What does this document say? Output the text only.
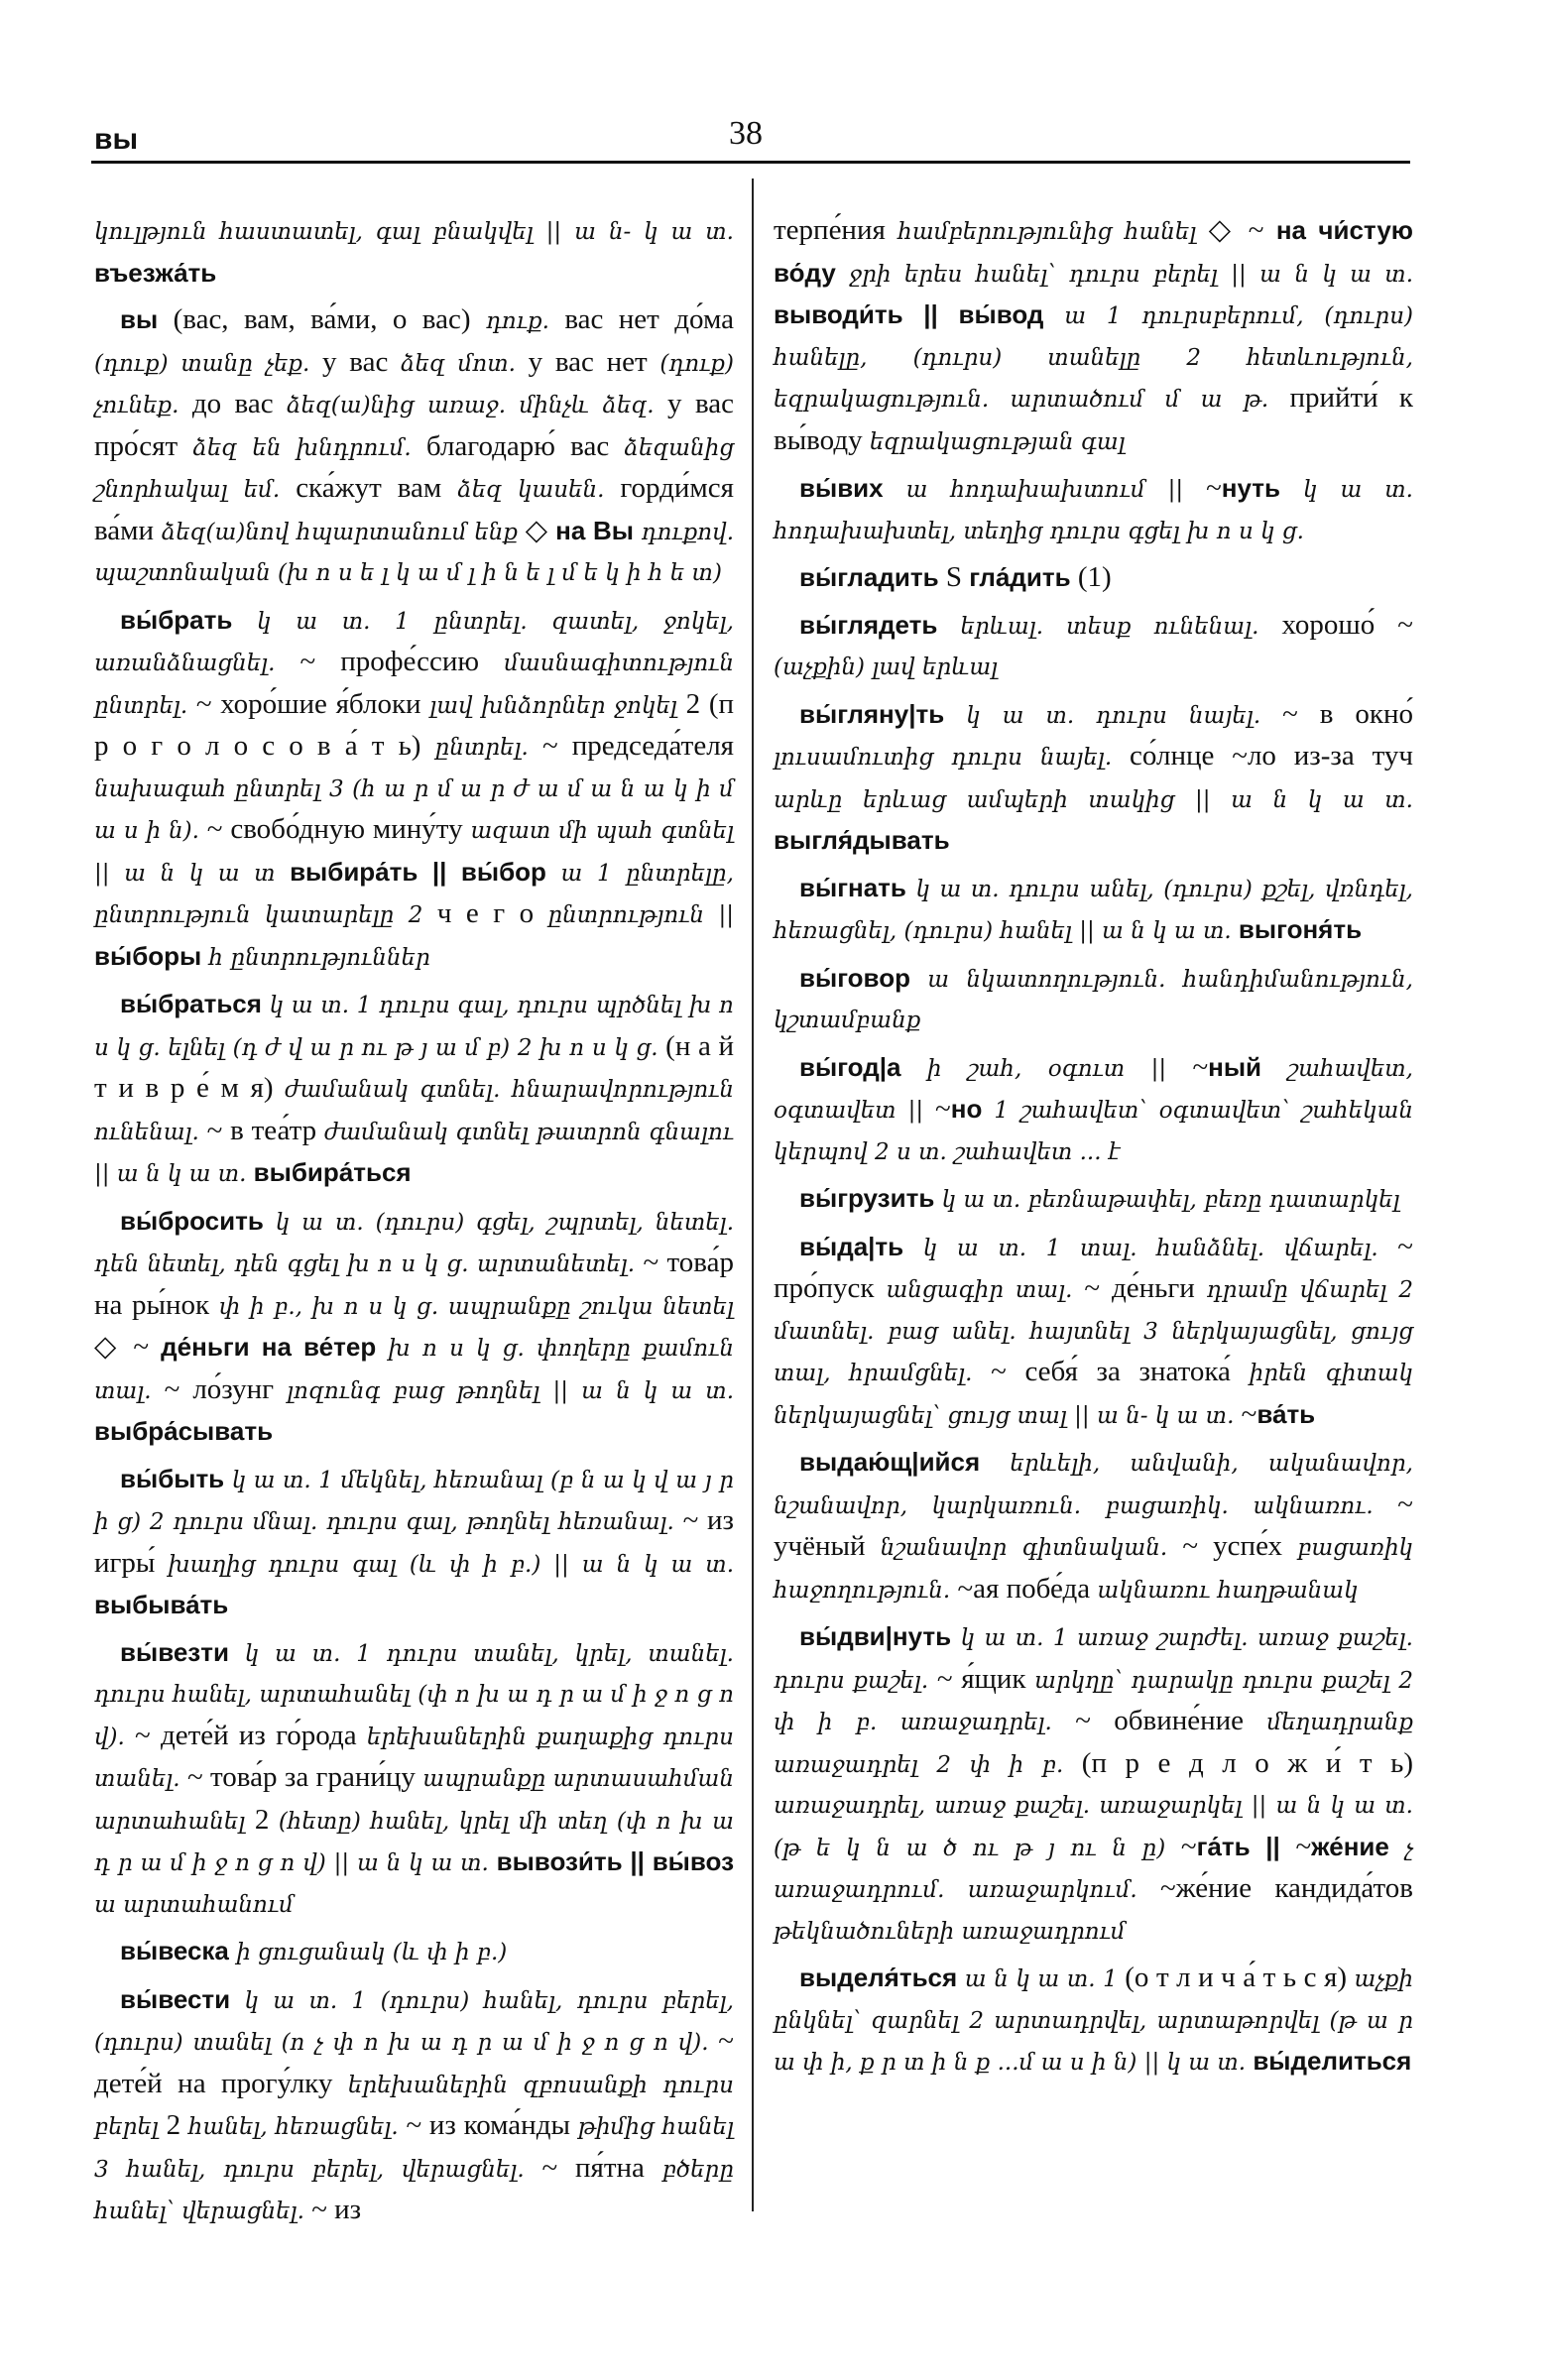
вы	38

կուլթյուն հաստատել, գալ բնակվել || ա ն- կ ա տ. въезжа́ть

вы (вас, вам, ва́ми, о вас) դուք. вас нет до́ма (դուք) տանը չեք. у вас ձեզ մոտ. у вас нет (դուք) չունեք. до вас ձեզ(ա)նից առաջ. մինչև ձեզ. у вас про́сят ձեզ են խնդրում. благодарю́ вас ձեզանից շնորհակալ եմ. ска́жут вам ձեզ կասեն. горди́мся ва́ми ձեզ(ա)նով հպարտանում ենք ◇ на Вы դուքով. պաշտոնական (խ ո ս ե լ կ ա մ լ ի ն ե լ մ ե կ ի հ ե տ)

вы́брать կ ա տ. 1 ընտրել. զատել, ջոկել, առանձնացնել. ~ профе́ссию մասնագիտություն ընտրել. ~ хоро́шие я́блоки լավ խնձորներ ջոկել 2 (п р о г о л о с о в а́ т ь) ընտրել. ~ председа́теля նախագահ ընտրել 3 (հ ա ր մ ա ր ժ ա մ ա ն ա կ ի մ ա ս ի ն). ~ свобо́дную мину́ту ազատ մի պահ գտնել || ա ն կ ա տ выбира́ть || вы́бор ա 1 ընտրելը, ընտրություն կատարելը 2 ч е г о ընտրություն || вы́боры հ ընտրություններ

вы́браться կ ա տ. 1 դուրս գալ, դուրս պրծնել խ ո ս կ ց. ելնել (դ ժ վ ա ր ու թ յ ա մ բ) 2 խ ո ս կ ց. (н а й т и в р е́ м я) ժամանակ գտնել. հնարավորություն ունենալ. ~ в теа́тр ժամանակ գտնել թատրոն գնալու || ա ն կ ա տ. выбира́ться

вы́бросить կ ա տ. (դուրս) գցել, շպրտել, նետել. դեն նետել, դեն գցել խ ո ս կ ց. արտանետել. ~ това́р на ры́нок փ ի բ., խ ո ս կ ց. ապրանքը շուկա նետել ◇ ~ де́ньги на ве́тер խ ո ս կ ց. փողերը քամուն տալ. ~ ло́зунг լոզունգ բաց թողնել || ա ն կ ա տ. выбра́сывать

вы́быть կ ա տ. 1 մեկնել, հեռանալ (բ ն ա կ վ ա յ ր ի ց) 2 դուրս մնալ. դուրս գալ, թողնել հեռանալ. ~ из игры́ խաղից դուրս գալ (և փ ի բ.) || ա ն կ ա տ. выбыва́ть

вы́везти կ ա տ. 1 դուրս տանել, կրել, տանել. դուրս հանել, արտահանել (փ ո խ ա դ ր ա մ ի ջ ո ց ո վ). ~ дете́й из го́рода երեխաներին քաղաքից դուրս տանել. ~ това́р за грани́цу ապրանքը արտասահման արտահանել 2 (հետը) հանել, կրել մի տեղ (փ ո խ ա դ ր ա մ ի ջ ո ց ո վ) || ա ն կ ա տ. вывози́ть || вы́воз ա արտահանում

вы́веска ի ցուցանակ (և փ ի բ.)

вы́вести կ ա տ. 1 (դուրս) հանել, դուրս բերել, (դուրս) տանել (ո չ փ ո խ ա դ ր ա մ ի ջ ո ց ո վ). ~ дете́й на прогу́лку երեխաներին զբոսանքի դուրս բերել 2 հանել, հեռացնել. ~ из кома́нды թիմից հանել 3 հանել, դուրս բերել, վերացնել. ~ пя́тна բծերը հանել՝ վերացնել. ~ из

терпе́ния համբերությունից հանել ◇ ~ на чи́стую во́ду ջրի երես հանել՝ դուրս բերել || ա ն կ ա տ. выводи́ть || вы́вод ա 1 դուրսբերում, (դուրս) հանելը, (դուրս) տանելը 2 հետևություն, եզրակացություն. արտածում մ ա թ. прийти́ к вы́воду եզրակացության գալ

вы́вих ա հոդախախտում || ~нуть կ ա տ. հոդախախտել, տեղից դուրս գցել խ ո ս կ ց.

вы́гладить S гла́дить (1)

вы́глядеть երևալ. տեսք ունենալ. хорошо́ ~ (աչքին) լավ երևալ

вы́гляну|ть կ ա տ. դուրս նայել. ~ в окно́ լուսամուտից դուրս նայել. со́лнце ~ло из-за туч արևը երևաց ամպերի տակից || ա ն կ ա տ. выгля́дывать

вы́гнать կ ա տ. դուրս անել, (դուրս) քշել, վռնդել, հեռացնել, (դուրս) հանել || ա ն կ ա տ. выгоня́ть

вы́говор ա նկատողություն. հանդիմանություն, կշտամբանք

вы́год|а ի շահ, օգուտ || ~ный շահավետ, օգտավետ || ~но 1 շահավետ՝ օգտավետ՝ շահեկան կերպով 2 ս տ. շահավետ ... է

вы́грузить կ ա տ. բեռնաթափել, բեռը դատարկել

вы́да|ть կ ա տ. 1 տալ. հանձնել. վճարել. ~ про́пуск անցագիր տալ. ~ де́ньги դրամը վճարել 2 մատնել. բաց անել. հայտնել 3 ներկայացնել, ցույց տալ, հրամցնել. ~ себя́ за знатока́ իրեն գիտակ ներկայացնել՝ ցույց տալ || ա ն- կ ա տ. ~ва́ть

выдаю́щ|ийся երևելի, անվանի, ականավոր, նշանավոր, կարկառուն. բացառիկ. ակնառու. ~ учёный նշանավոր գիտնական. ~ успе́х բացառիկ հաջողություն. ~ая побе́да ակնառու հաղթանակ

вы́дви|нуть կ ա տ. 1 առաջ շարժել. առաջ քաշել. դուրս քաշել. ~ я́щик արկղը՝ դարակը դուրս քաշել 2 փ ի բ. առաջադրել. ~ обвине́ние մեղադրանք առաջադրել 2 փ ի բ. (п р е д л о ж и́ т ь) առաջադրել, առաջ քաշել. առաջարկել || ա ն կ ա տ. (թ ե կ ն ա ծ ու թ յ ու ն ը) ~га́ть || ~же́ние չ առաջադրում. առաջարկում. ~же́ние кандида́тов թեկնածուների առաջադրում

выделя́ться ա ն կ ա տ. 1 (о т л и ч а́ т ь с я) աչքի ընկնել՝ զարնել 2 արտադրվել, արտաթորվել (թ ա ր ա փ ի, ք ր տ ի ն ք ...մ ա ս ի ն) || կ ա տ. вы́делиться
